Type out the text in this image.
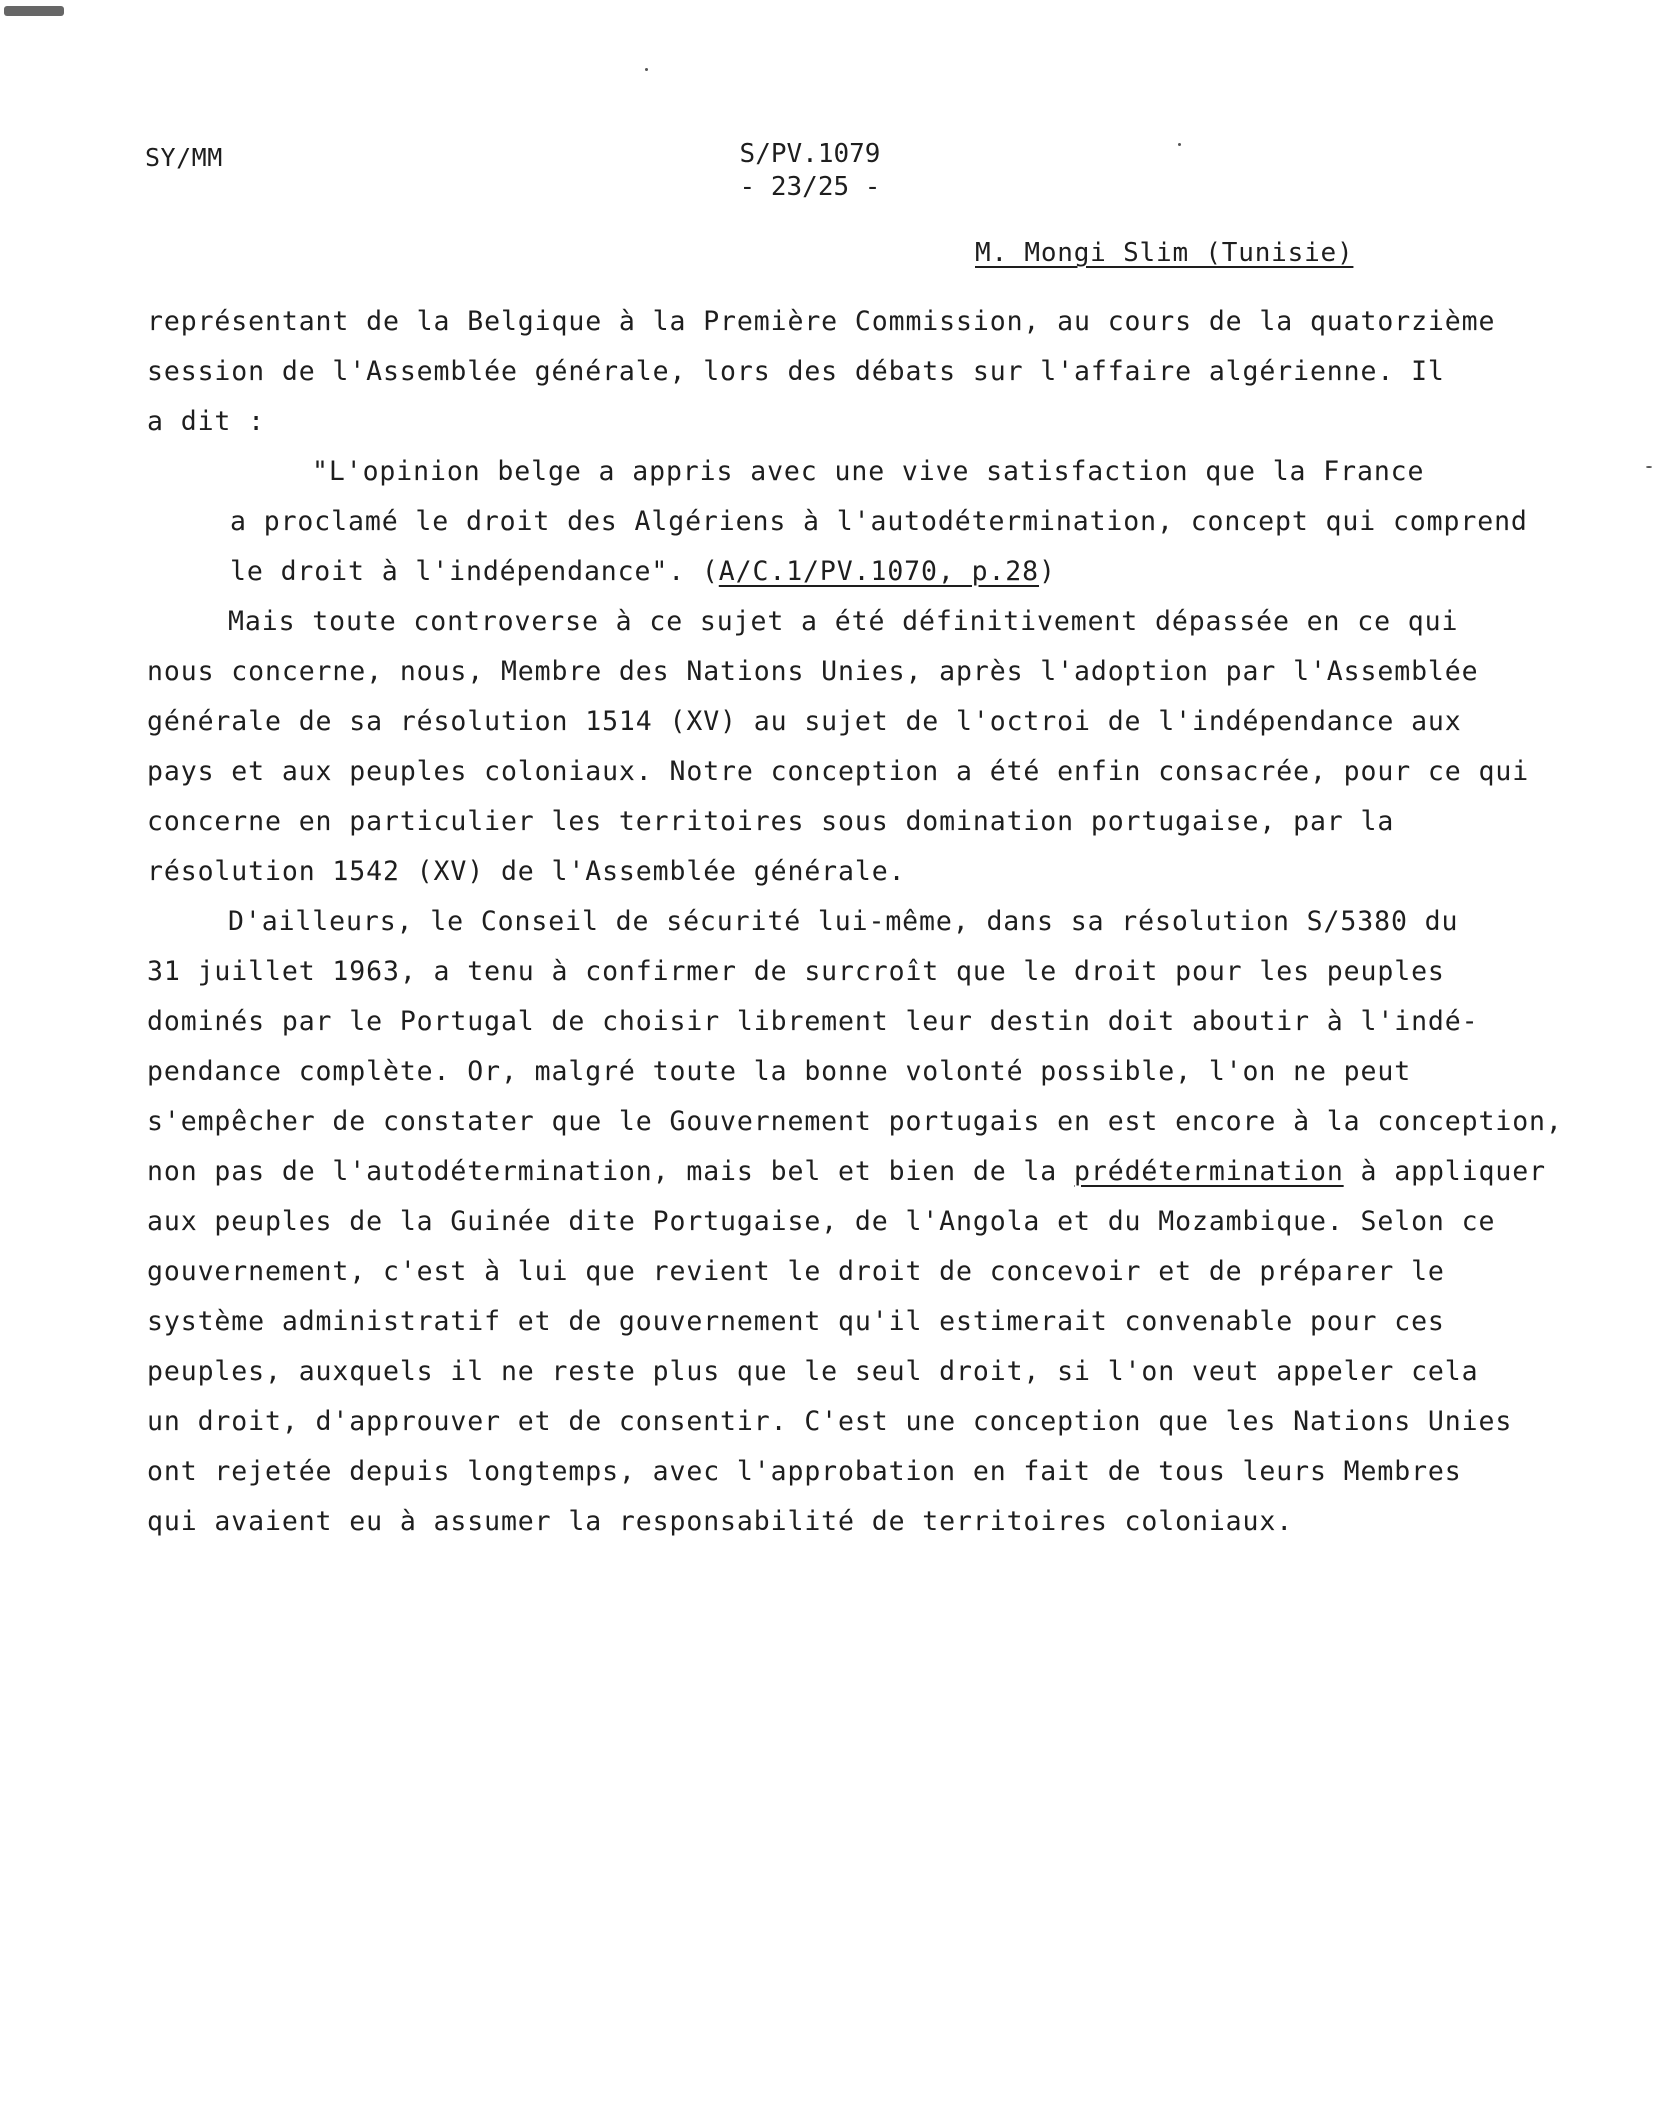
SY/MM	S/PV.1079
- 23/25 -
M. Mongi Slim (Tunisie)
représentant de la Belgique à la Première Commission, au cours de la quatorzième
session de l'Assemblée générale, lors des débats sur l'affaire algérienne. Il
a dit :
"L'opinion belge a appris avec une vive satisfaction que la France
a proclamé le droit des Algériens à l'autodétermination, concept qui comprend
le droit à l'indépendance". (A/C.1/PV.1070, p.28)
Mais toute controverse à ce sujet a été définitivement dépassée en ce qui
nous concerne, nous, Membre des Nations Unies, après l'adoption par l'Assemblée
générale de sa résolution 1514 (XV) au sujet de l'octroi de l'indépendance aux
pays et aux peuples coloniaux. Notre conception a été enfin consacrée, pour ce qui
concerne en particulier les territoires sous domination portugaise, par la
résolution 1542 (XV) de l'Assemblée générale.
D'ailleurs, le Conseil de sécurité lui-même, dans sa résolution S/5380 du
31 juillet 1963, a tenu à confirmer de surcroît que le droit pour les peuples
dominés par le Portugal de choisir librement leur destin doit aboutir à l'indé-
pendance complète. Or, malgré toute la bonne volonté possible, l'on ne peut
s'empêcher de constater que le Gouvernement portugais en est encore à la conception,
non pas de l'autodétermination, mais bel et bien de la prédétermination à appliquer
aux peuples de la Guinée dite Portugaise, de l'Angola et du Mozambique. Selon ce
gouvernement, c'est à lui que revient le droit de concevoir et de préparer le
système administratif et de gouvernement qu'il estimerait convenable pour ces
peuples, auxquels il ne reste plus que le seul droit, si l'on veut appeler cela
un droit, d'approuver et de consentir. C'est une conception que les Nations Unies
ont rejetée depuis longtemps, avec l'approbation en fait de tous leurs Membres
qui avaient eu à assumer la responsabilité de territoires coloniaux.
